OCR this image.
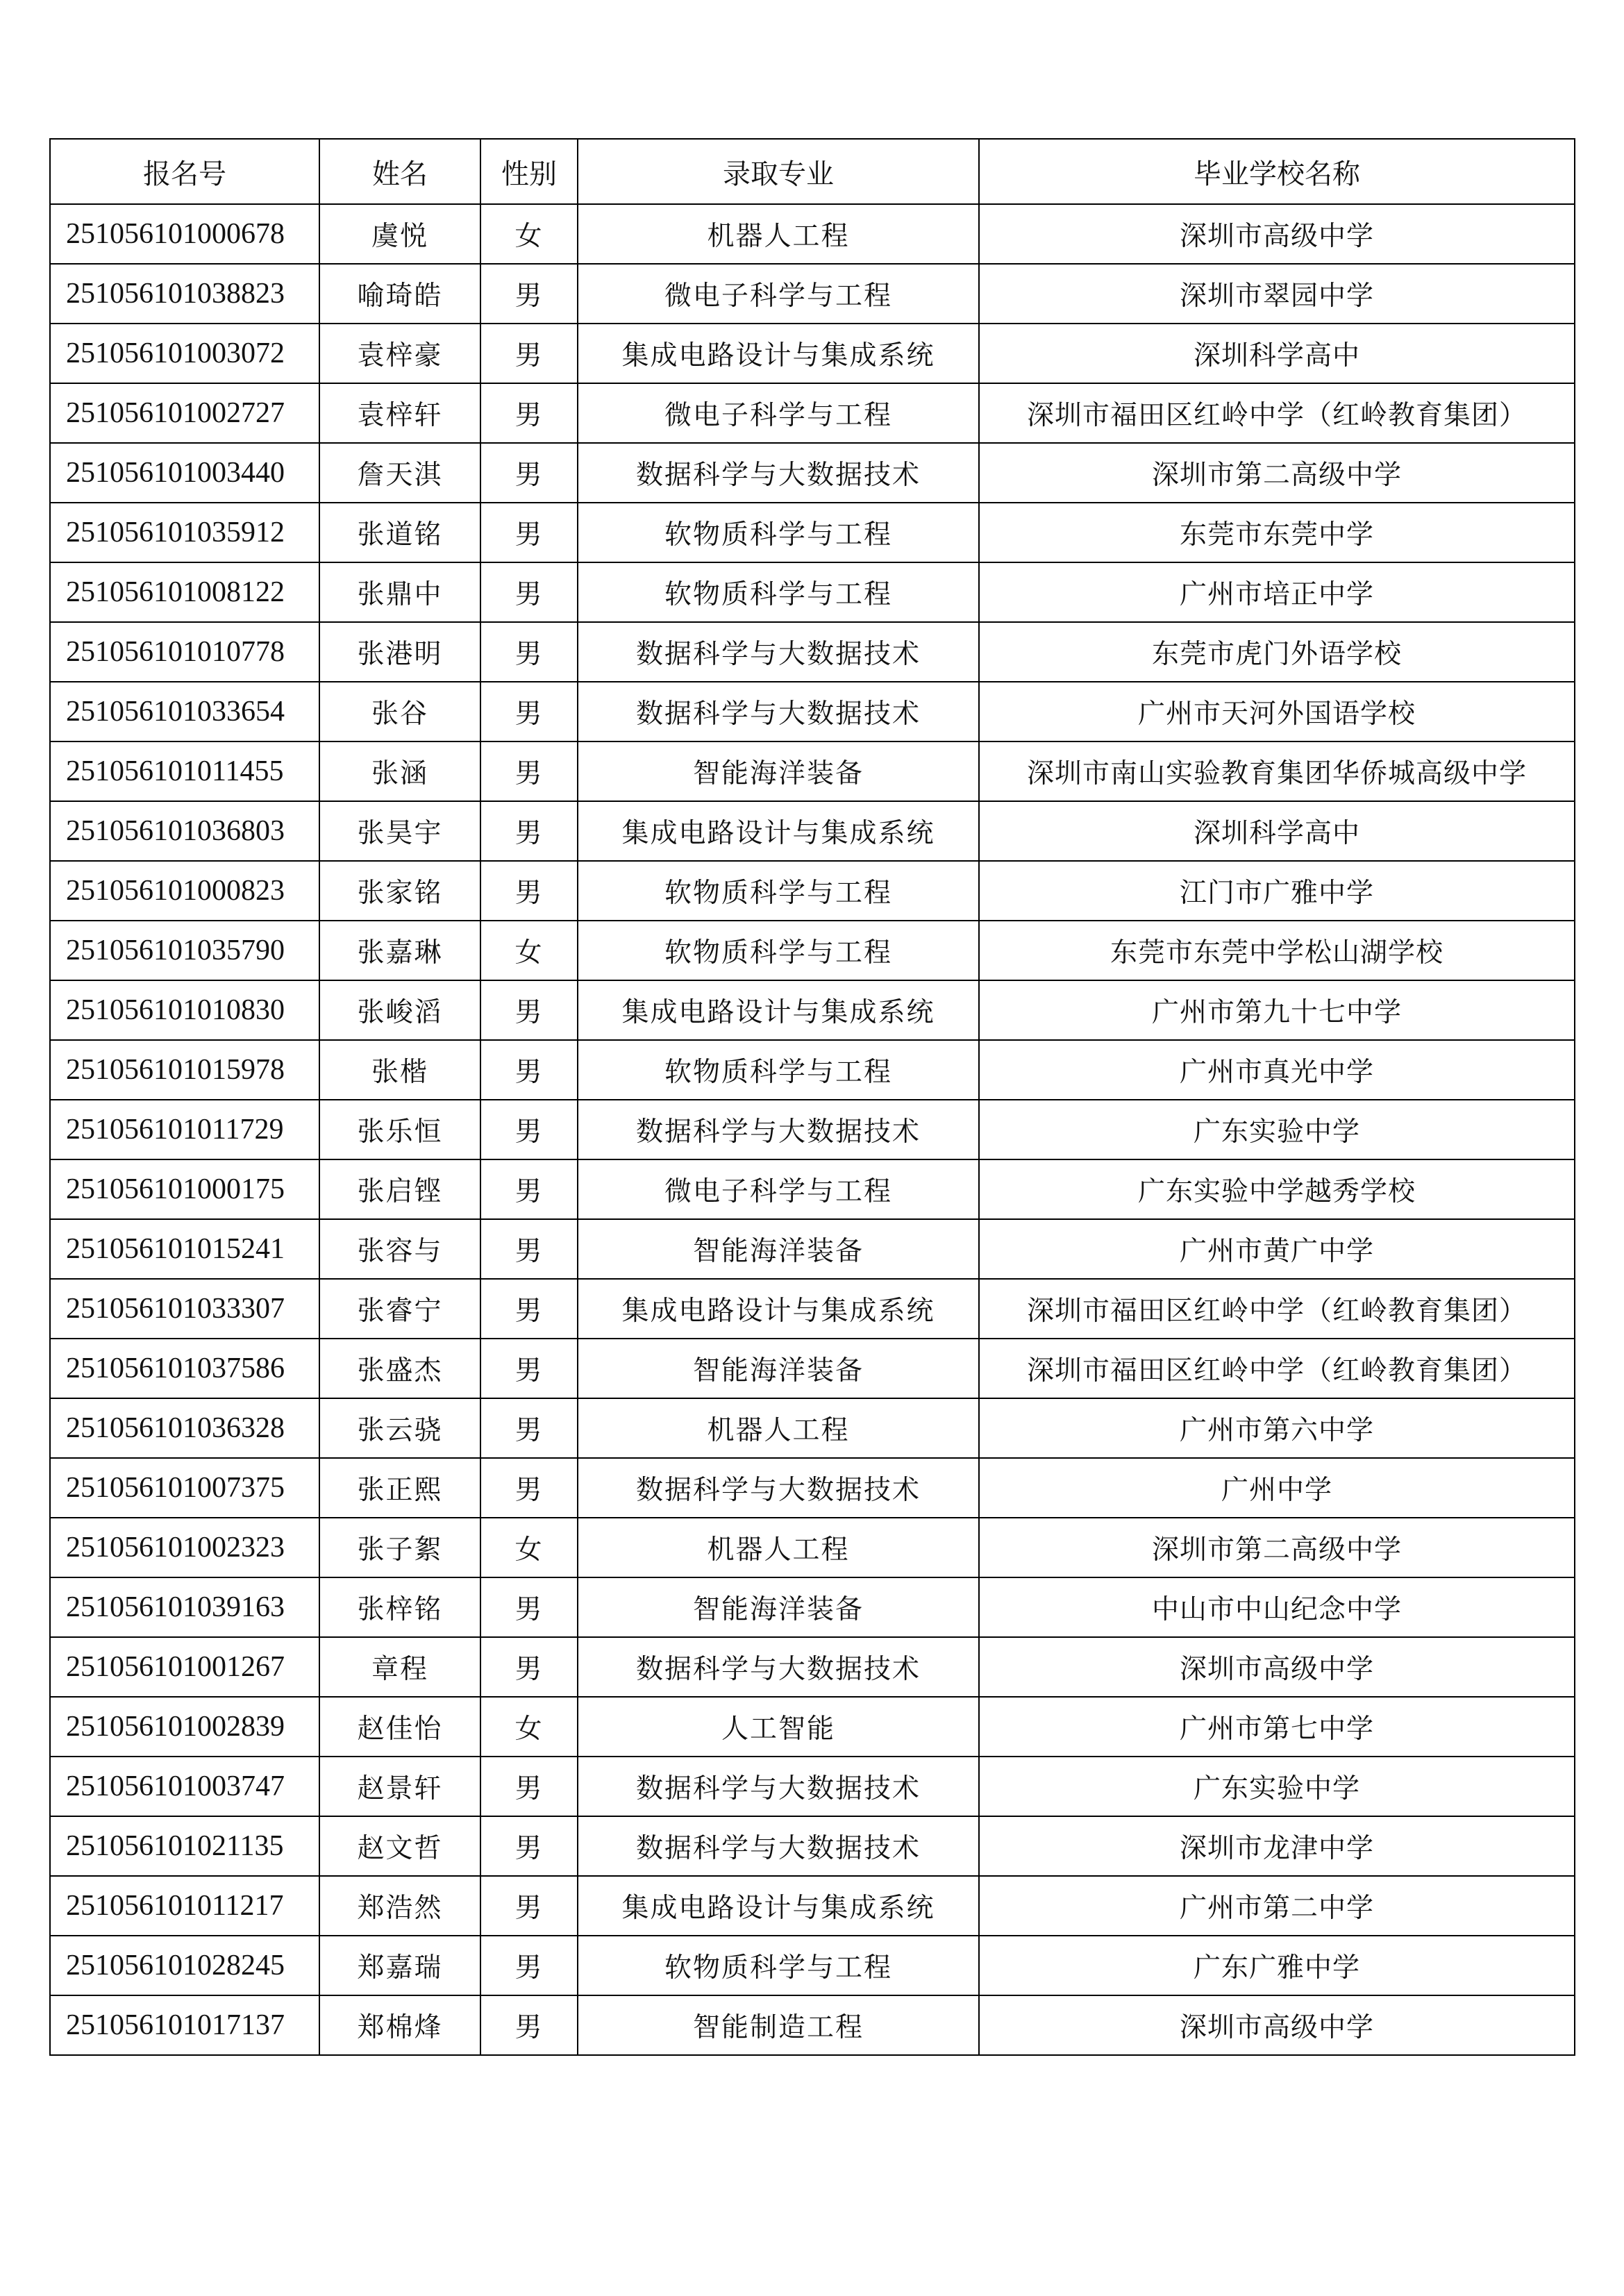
报名号	姓名	性别	录取专业	毕业学校名称
251056101000678	虞悦	女	机器人工程	深圳市高级中学
251056101038823	喻琦皓	男	微电子科学与工程	深圳市翠园中学
251056101003072	袁梓豪	男	集成电路设计与集成系统	深圳科学高中
251056101002727	袁梓轩	男	微电子科学与工程	深圳市福田区红岭中学（红岭教育集团）
251056101003440	詹天淇	男	数据科学与大数据技术	深圳市第二高级中学
251056101035912	张道铭	男	软物质科学与工程	东莞市东莞中学
251056101008122	张鼎中	男	软物质科学与工程	广州市培正中学
251056101010778	张港明	男	数据科学与大数据技术	东莞市虎门外语学校
251056101033654	张谷	男	数据科学与大数据技术	广州市天河外国语学校
251056101011455	张涵	男	智能海洋装备	深圳市南山实验教育集团华侨城高级中学
251056101036803	张昊宇	男	集成电路设计与集成系统	深圳科学高中
251056101000823	张家铭	男	软物质科学与工程	江门市广雅中学
251056101035790	张嘉琳	女	软物质科学与工程	东莞市东莞中学松山湖学校
251056101010830	张峻滔	男	集成电路设计与集成系统	广州市第九十七中学
251056101015978	张楷	男	软物质科学与工程	广州市真光中学
251056101011729	张乐恒	男	数据科学与大数据技术	广东实验中学
251056101000175	张启铿	男	微电子科学与工程	广东实验中学越秀学校
251056101015241	张容与	男	智能海洋装备	广州市黄广中学
251056101033307	张睿宁	男	集成电路设计与集成系统	深圳市福田区红岭中学（红岭教育集团）
251056101037586	张盛杰	男	智能海洋装备	深圳市福田区红岭中学（红岭教育集团）
251056101036328	张云骁	男	机器人工程	广州市第六中学
251056101007375	张正熙	男	数据科学与大数据技术	广州中学
251056101002323	张子絮	女	机器人工程	深圳市第二高级中学
251056101039163	张梓铭	男	智能海洋装备	中山市中山纪念中学
251056101001267	章程	男	数据科学与大数据技术	深圳市高级中学
251056101002839	赵佳怡	女	人工智能	广州市第七中学
251056101003747	赵景轩	男	数据科学与大数据技术	广东实验中学
251056101021135	赵文哲	男	数据科学与大数据技术	深圳市龙津中学
251056101011217	郑浩然	男	集成电路设计与集成系统	广州市第二中学
251056101028245	郑嘉瑞	男	软物质科学与工程	广东广雅中学
251056101017137	郑棉烽	男	智能制造工程	深圳市高级中学
